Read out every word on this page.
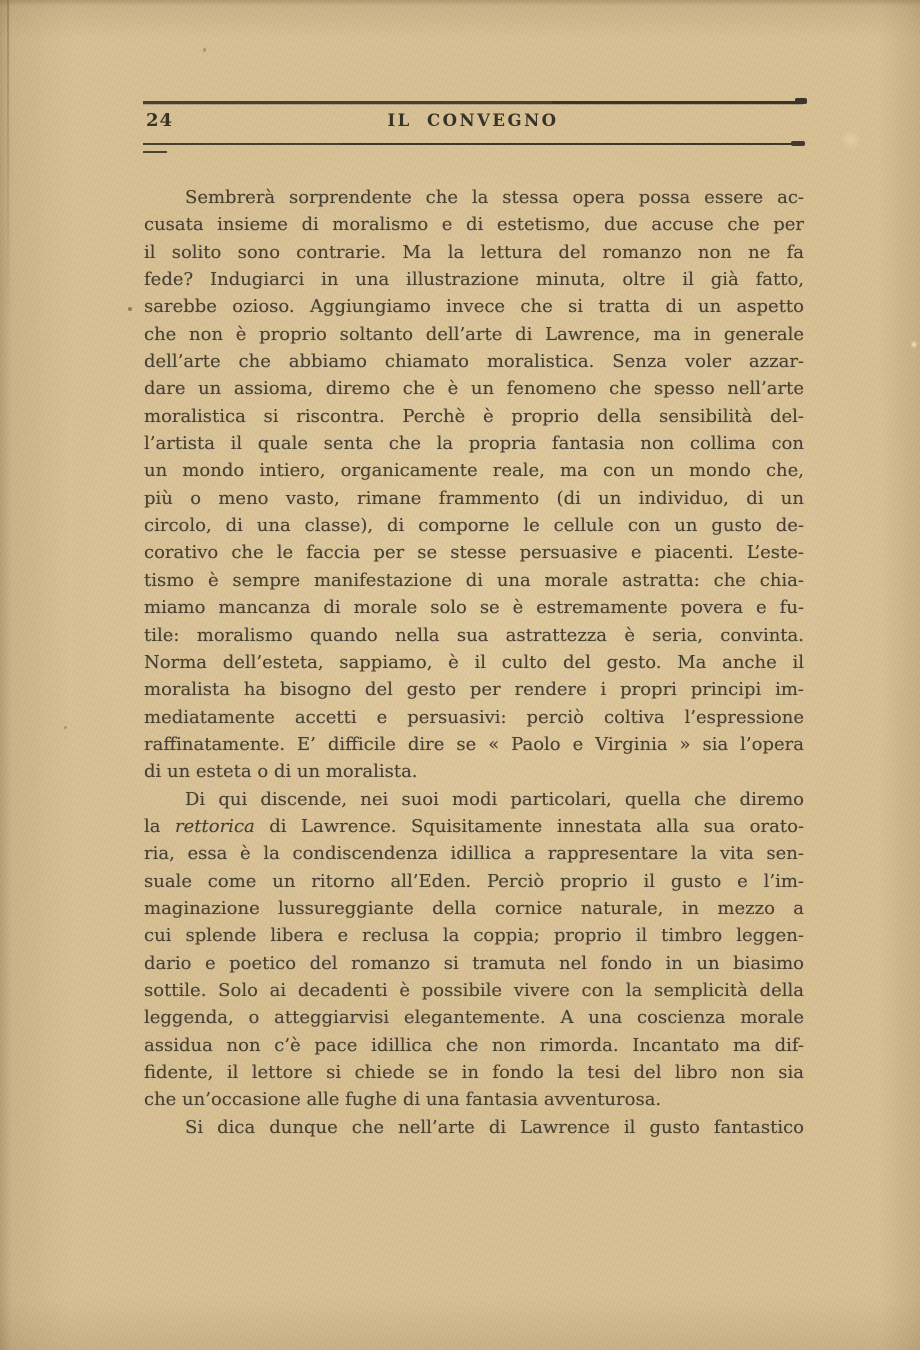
24	IL CONVEGNO
Sembrerà sorprendente che la stessa opera possa essere ac-
cusata insieme di moralismo e di estetismo, due accuse che per
il solito sono contrarie. Ma la lettura del romanzo non ne fa
fede? Indugiarci in una illustrazione minuta, oltre il già fatto,
sarebbe ozioso. Aggiungiamo invece che si tratta di un aspetto
che non è proprio soltanto dell’arte di Lawrence, ma in generale
dell’arte che abbiamo chiamato moralistica. Senza voler azzar-
dare un assioma, diremo che è un fenomeno che spesso nell’arte
moralistica si riscontra. Perchè è proprio della sensibilità del-
l’artista il quale senta che la propria fantasia non collima con
un mondo intiero, organicamente reale, ma con un mondo che,
più o meno vasto, rimane frammento (di un individuo, di un
circolo, di una classe), di comporne le cellule con un gusto de-
corativo che le faccia per se stesse persuasive e piacenti. L’este-
tismo è sempre manifestazione di una morale astratta: che chia-
miamo mancanza di morale solo se è estremamente povera e fu-
tile: moralismo quando nella sua astrattezza è seria, convinta.
Norma dell’esteta, sappiamo, è il culto del gesto. Ma anche il
moralista ha bisogno del gesto per rendere i propri principi im-
mediatamente accetti e persuasivi: perciò coltiva l’espressione
raffinatamente. E’ difficile dire se « Paolo e Virginia » sia l’opera
di un esteta o di un moralista.
Di qui discende, nei suoi modi particolari, quella che diremo
la rettorica di Lawrence. Squisitamente innestata alla sua orato-
ria, essa è la condiscendenza idillica a rappresentare la vita sen-
suale come un ritorno all’Eden. Perciò proprio il gusto e l’im-
maginazione lussureggiante della cornice naturale, in mezzo a
cui splende libera e reclusa la coppia; proprio il timbro leggen-
dario e poetico del romanzo si tramuta nel fondo in un biasimo
sottile. Solo ai decadenti è possibile vivere con la semplicità della
leggenda, o atteggiarvisi elegantemente. A una coscienza morale
assidua non c’è pace idillica che non rimorda. Incantato ma dif-
fidente, il lettore si chiede se in fondo la tesi del libro non sia
che un’occasione alle fughe di una fantasia avventurosa.
Si dica dunque che nell’arte di Lawrence il gusto fantastico
